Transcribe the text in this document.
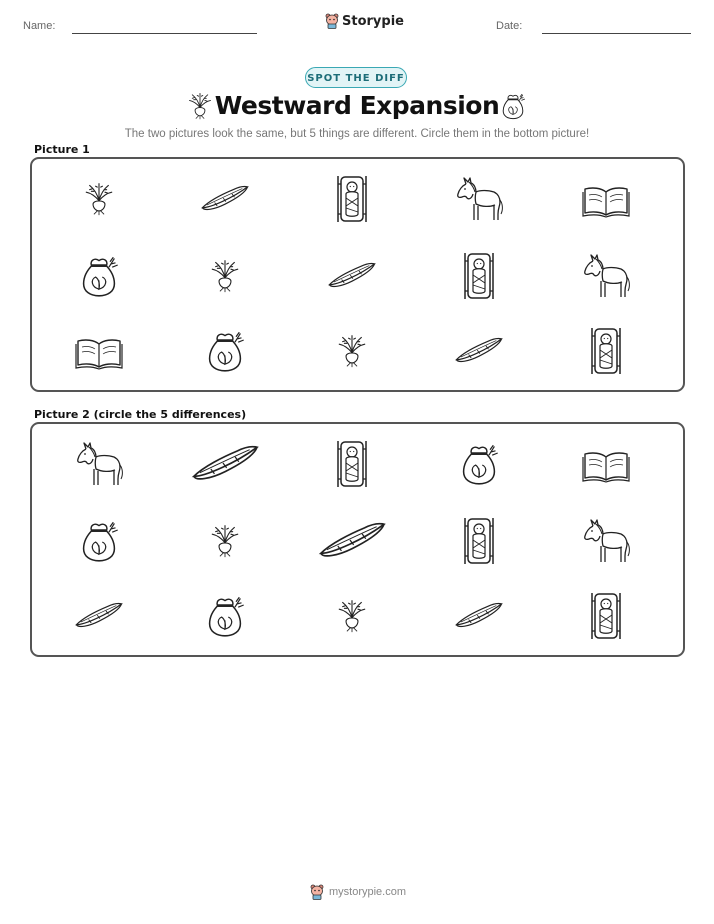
Name:	Storypie	Date:
SPOT THE DIFF
Westward Expansion
The two pictures look the same, but 5 things are different. Circle them in the bottom picture!
Picture 1
Picture 2 (circle the 5 differences)
mystorypie.com
